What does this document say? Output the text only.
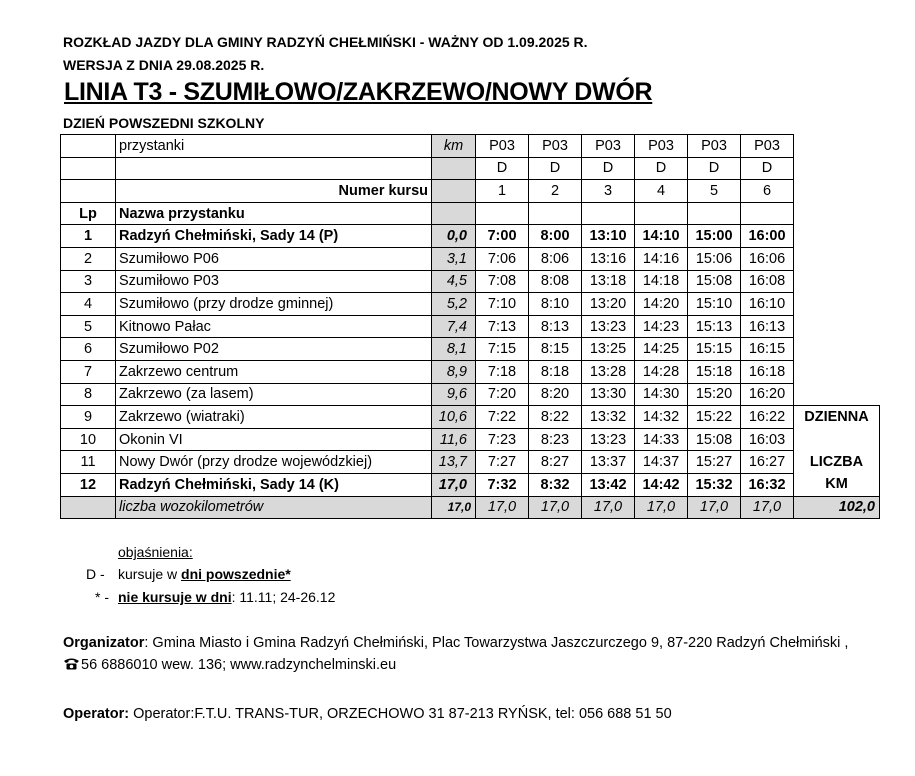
ROZKŁAD JAZDY DLA GMINY RADZYŃ CHEŁMIŃSKI - WAŻNY OD 1.09.2025 R.
WERSJA Z DNIA 29.08.2025 R.
LINIA T3 - SZUMIŁOWO/ZAKRZEWO/NOWY DWÓR
DZIEŃ POWSZEDNI SZKOLNY
	przystanki	km	P03	P03	P03	P03	P03	P03	
			D	D	D	D	D	D	
	Numer kursu		1	2	3	4	5	6	
Lp	Nazwa przystanku								
1	Radzyń Chełmiński, Sady 14 (P)	0,0	7:00	8:00	13:10	14:10	15:00	16:00	
2	Szumiłowo P06	3,1	7:06	8:06	13:16	14:16	15:06	16:06	
3	Szumiłowo P03	4,5	7:08	8:08	13:18	14:18	15:08	16:08	
4	Szumiłowo (przy drodze gminnej)	5,2	7:10	8:10	13:20	14:20	15:10	16:10	
5	Kitnowo Pałac	7,4	7:13	8:13	13:23	14:23	15:13	16:13	
6	Szumiłowo P02	8,1	7:15	8:15	13:25	14:25	15:15	16:15	
7	Zakrzewo centrum	8,9	7:18	8:18	13:28	14:28	15:18	16:18	
8	Zakrzewo (za lasem)	9,6	7:20	8:20	13:30	14:30	15:20	16:20	
9	Zakrzewo (wiatraki)	10,6	7:22	8:22	13:32	14:32	15:22	16:22	DZIENNA
10	Okonin VI	11,6	7:23	8:23	13:23	14:33	15:08	16:03	
11	Nowy Dwór (przy drodze wojewódzkiej)	13,7	7:27	8:27	13:37	14:37	15:27	16:27	LICZBA
12	Radzyń Chełmiński, Sady 14 (K)	17,0	7:32	8:32	13:42	14:42	15:32	16:32	KM
	liczba wozokilometrów	17,0	17,0	17,0	17,0	17,0	17,0	17,0	102,0
objaśnienia:
D - kursuje w dni powszednie*
* - nie kursuje w dni: 11.11; 24-26.12
Organizator: Gmina Miasto i Gmina Radzyń Chełmiński, Plac Towarzystwa Jaszczurczego 9, 87-220 Radzyń Chełmiński ,
56 6886010 wew. 136; www.radzynchelminski.eu
Operator: Operator:F.T.U. TRANS-TUR, ORZECHOWO 31 87-213 RYŃSK, tel: 056 688 51 50
